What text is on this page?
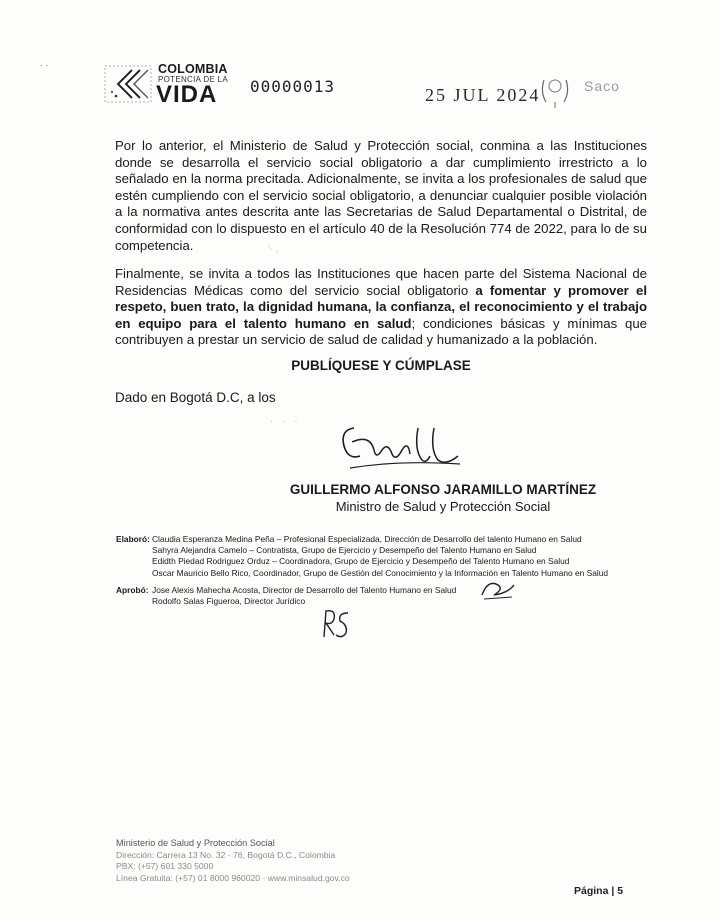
· ·	COLOMBIA
POTENCIA DE LA
VIDA 00000013	25 JUL 2024	Saco

Por lo anterior, el Ministerio de Salud y Protección social, conmina a las Instituciones donde se desarrolla el servicio social obligatorio a dar cumplimiento irrestricto a lo señalado en la norma precitada. Adicionalmente, se invita a los profesionales de salud que estén cumpliendo con el servicio social obligatorio, a denunciar cualquier posible violación a la normativa antes descrita ante las Secretarias de Salud Departamental o Distrital, de conformidad con lo dispuesto en el artículo 40 de la Resolución 774 de 2022, para lo de su competencia.	ⁱ· .

Finalmente, se invita a todos las Instituciones que hacen parte del Sistema Nacional de Residencias Médicas como del servicio social obligatorio a fomentar y promover el respeto, buen trato, la dignidad humana, la confianza, el reconocimiento y el trabajo en equipo para el talento humano en salud; condiciones básicas y mínimas que contribuyen a prestar un servicio de salud de calidad y humanizado a la población.

PUBLÍQUESE Y CÚMPLASE
Dado en Bogotá D.C, a los
· · ·
GUILLERMO ALFONSO JARAMILLO MARTÍNEZ
Ministro de Salud y Protección Social
Elaboró: Claudia Esperanza Medina Peña – Profesional Especializada, Dirección de Desarrollo del talento Humano en Salud
Sahyra Alejandra Camelo – Contratista, Grupo de Ejercicio y Desempeño del Talento Humano en Salud
Edidth Piedad Rodriguez Orduz – Coordinadora, Grupo de Ejercicio y Desempeño del Talento Humano en Salud
Oscar Mauricio Bello Rico, Coordinador, Grupo de Gestión del Conocimiento y la Información en Talento Humano en Salud
Aprobó: Jose Alexis Mahecha Acosta, Director de Desarrollo del Talento Humano en Salud
Rodolfo Salas Figueroa, Director Jurídico
Ministerio de Salud y Protección Social
Dirección: Carrera 13 No. 32 - 76, Bogotá D.C., Colombia
PBX: (+57) 601 330 5000
Línea Gratuita: (+57) 01 8000 960020 · www.minsalud.gov.co
Página | 5
